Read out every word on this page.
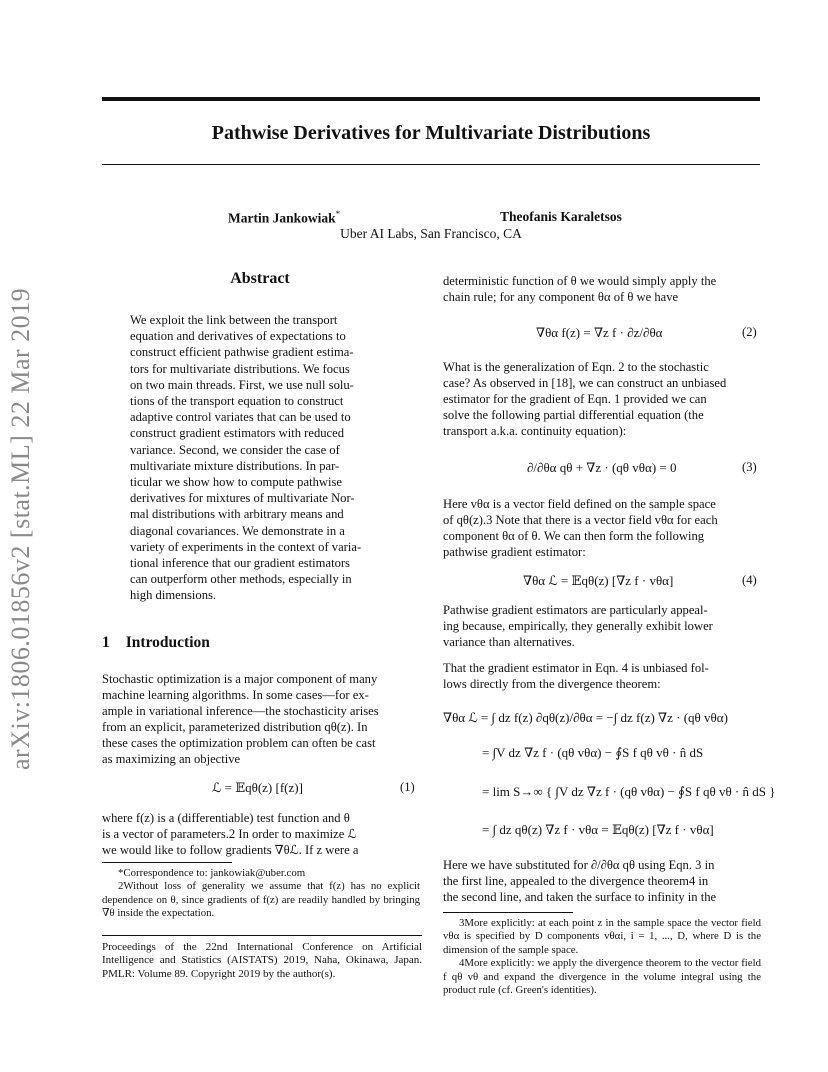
Pathwise Derivatives for Multivariate Distributions
Martin Jankowiak*	Theofanis Karaletsos
Uber AI Labs, San Francisco, CA
arXiv:1806.01856v2 [stat.ML] 22 Mar 2019
Abstract
We exploit the link between the transport
equation and derivatives of expectations to
construct efficient pathwise gradient estima-
tors for multivariate distributions. We focus
on two main threads. First, we use null solu-
tions of the transport equation to construct
adaptive control variates that can be used to
construct gradient estimators with reduced
variance. Second, we consider the case of
multivariate mixture distributions. In par-
ticular we show how to compute pathwise
derivatives for mixtures of multivariate Nor-
mal distributions with arbitrary means and
diagonal covariances. We demonstrate in a
variety of experiments in the context of varia-
tional inference that our gradient estimators
can outperform other methods, especially in
high dimensions.
1 Introduction
Stochastic optimization is a major component of many
machine learning algorithms. In some cases—for ex-
ample in variational inference—the stochasticity arises
from an explicit, parameterized distribution qθ(z). In
these cases the optimization problem can often be cast
as maximizing an objective
ℒ = 𝔼qθ(z) [f(z)]	(1)
where f(z) is a (differentiable) test function and θ
is a vector of parameters.2 In order to maximize ℒ
we would like to follow gradients ∇θℒ. If z were a
*Correspondence to: jankowiak@uber.com
2Without loss of generality we assume that f(z) has no explicit dependence on θ, since gradients of f(z) are readily handled by bringing ∇θ inside the expectation.
Proceedings of the 22nd International Conference on Artificial Intelligence and Statistics (AISTATS) 2019, Naha, Okinawa, Japan. PMLR: Volume 89. Copyright 2019 by the author(s).
deterministic function of θ we would simply apply the
chain rule; for any component θα of θ we have
∇θα f(z) = ∇z f · ∂z/∂θα	(2)
What is the generalization of Eqn. 2 to the stochastic
case? As observed in [18], we can construct an unbiased
estimator for the gradient of Eqn. 1 provided we can
solve the following partial differential equation (the
transport a.k.a. continuity equation):
∂/∂θα qθ + ∇z · (qθ vθα) = 0	(3)
Here vθα is a vector field defined on the sample space
of qθ(z).3 Note that there is a vector field vθα for each
component θα of θ. We can then form the following
pathwise gradient estimator:
∇θα ℒ = 𝔼qθ(z) [∇z f · vθα]	(4)
Pathwise gradient estimators are particularly appeal-
ing because, empirically, they generally exhibit lower
variance than alternatives.
That the gradient estimator in Eqn. 4 is unbiased fol-
lows directly from the divergence theorem:
∇θα ℒ = ∫ dz f(z) ∂qθ(z)/∂θα = −∫ dz f(z) ∇z · (qθ vθα)
= ∫V dz ∇z f · (qθ vθα) − ∮S f qθ vθ · n̂ dS
= lim S→∞ { ∫V dz ∇z f · (qθ vθα) − ∮S f qθ vθ · n̂ dS }
= ∫ dz qθ(z) ∇z f · vθα = 𝔼qθ(z) [∇z f · vθα]
Here we have substituted for ∂/∂θα qθ using Eqn. 3 in
the first line, appealed to the divergence theorem4 in
the second line, and taken the surface to infinity in the
3More explicitly: at each point z in the sample space the vector field vθα is specified by D components vθαi, i = 1, ..., D, where D is the dimension of the sample space.
4More explicitly: we apply the divergence theorem to the vector field f qθ vθ and expand the divergence in the volume integral using the product rule (cf. Green's identities).
